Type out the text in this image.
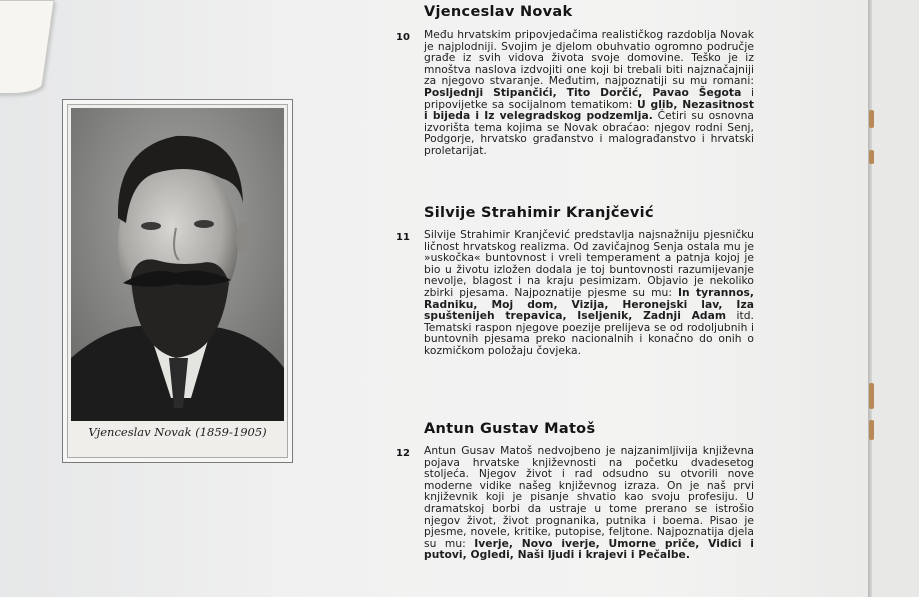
Vjenceslav Novak (1859-1905)
Vjenceslav Novak
10 Među hrvatskim pripovjedačima realističkog razdoblja Novak je najplodniji. Svojim je djelom obuhvatio ogromno područje građe iz svih vidova života svoje domovine. Teško je iz mnoštva naslova izdvojiti one koji bi trebali biti najznačajniji za njegovo stvaranje. Međutim, najpoznatiji su mu romani: Posljednji Stipančići, Tito Dorčić, Pavao Šegota i pripovijetke sa socijalnom tematikom: U glib, Nezasitnost i bijeda i Iz velegradskog podzemlja. Četiri su osnovna izvorišta tema kojima se Novak obraćao: njegov rodni Senj, Podgorje, hrvatsko građanstvo i malograđanstvo i hrvatski proletarijat.
Silvije Strahimir Kranjčević
11 Silvije Strahimir Kranjčević predstavlja najsnažniju pjesničku ličnost hrvatskog realizma. Od zavičajnog Senja ostala mu je »uskočka« buntovnost i vreli temperament a patnja kojoj je bio u životu izložen dodala je toj buntovnosti razumijevanje nevolje, blagost i na kraju pesimizam. Objavio je nekoliko zbirki pjesama. Najpoznatije pjesme su mu: In tyrannos, Radniku, Moj dom, Vizija, Heronejski lav, Iza spuštenijeh trepavica, Iseljenik, Zadnji Adam itd. Tematski raspon njegove poezije prelijeva se od rodoljubnih i buntovnih pjesama preko nacionalnih i konačno do onih o kozmičkom položaju čovjeka.
Antun Gustav Matoš
12 Antun Gusav Matoš nedvojbeno je najzanimljivija književna pojava hrvatske književnosti na početku dvadesetog stoljeća. Njegov život i rad odsudno su otvorili nove moderne vidike našeg književnog izraza. On je naš prvi književnik koji je pisanje shvatio kao svoju profesiju. U dramatskoj borbi da ustraje u tome prerano se istrošio njegov život, život prognanika, putnika i boema. Pisao je pjesme, novele, kritike, putopise, feljtone. Najpoznatija djela su mu: Iverje, Novo iverje, Umorne priče, Vidici i putovi, Ogledi, Naši ljudi i krajevi i Pečalbe.
